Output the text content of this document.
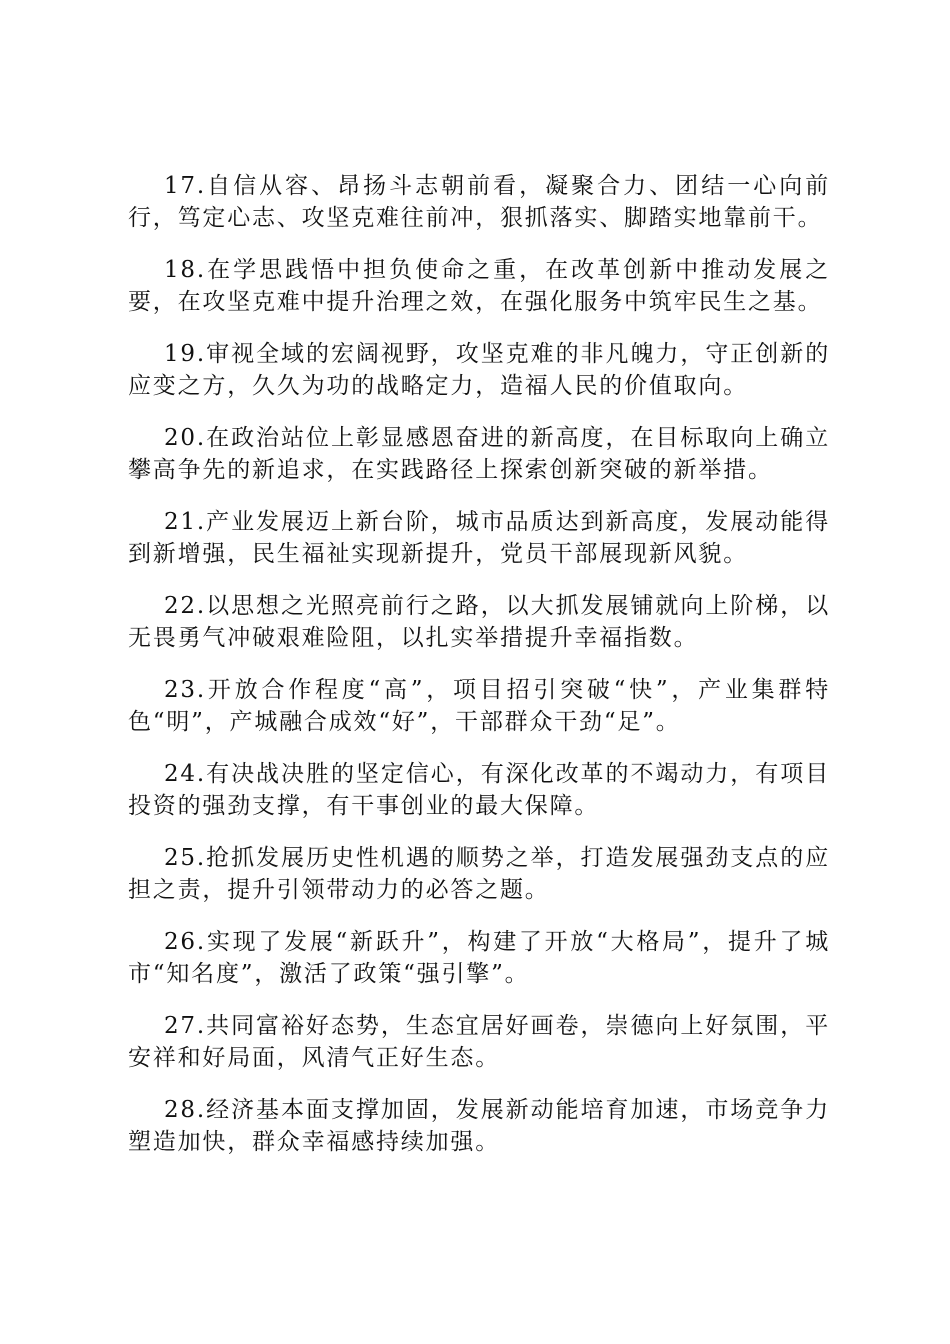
17.自信从容、昂扬斗志朝前看，凝聚合力、团结一心向前行，笃定心志、攻坚克难往前冲，狠抓落实、脚踏实地靠前干。

18.在学思践悟中担负使命之重，在改革创新中推动发展之要，在攻坚克难中提升治理之效，在强化服务中筑牢民生之基。

19.审视全域的宏阔视野，攻坚克难的非凡魄力，守正创新的应变之方，久久为功的战略定力，造福人民的价值取向。

20.在政治站位上彰显感恩奋进的新高度，在目标取向上确立攀高争先的新追求，在实践路径上探索创新突破的新举措。

21.产业发展迈上新台阶，城市品质达到新高度，发展动能得到新增强，民生福祉实现新提升，党员干部展现新风貌。

22.以思想之光照亮前行之路，以大抓发展铺就向上阶梯，以无畏勇气冲破艰难险阻，以扎实举措提升幸福指数。

23.开放合作程度“高”，项目招引突破“快”，产业集群特色“明”，产城融合成效“好”，干部群众干劲“足”。

24.有决战决胜的坚定信心，有深化改革的不竭动力，有项目投资的强劲支撑，有干事创业的最大保障。

25.抢抓发展历史性机遇的顺势之举，打造发展强劲支点的应担之责，提升引领带动力的必答之题。

26.实现了发展“新跃升”，构建了开放“大格局”，提升了城市“知名度”，激活了政策“强引擎”。

27.共同富裕好态势，生态宜居好画卷，崇德向上好氛围，平安祥和好局面，风清气正好生态。

28.经济基本面支撑加固，发展新动能培育加速，市场竞争力塑造加快，群众幸福感持续加强。
